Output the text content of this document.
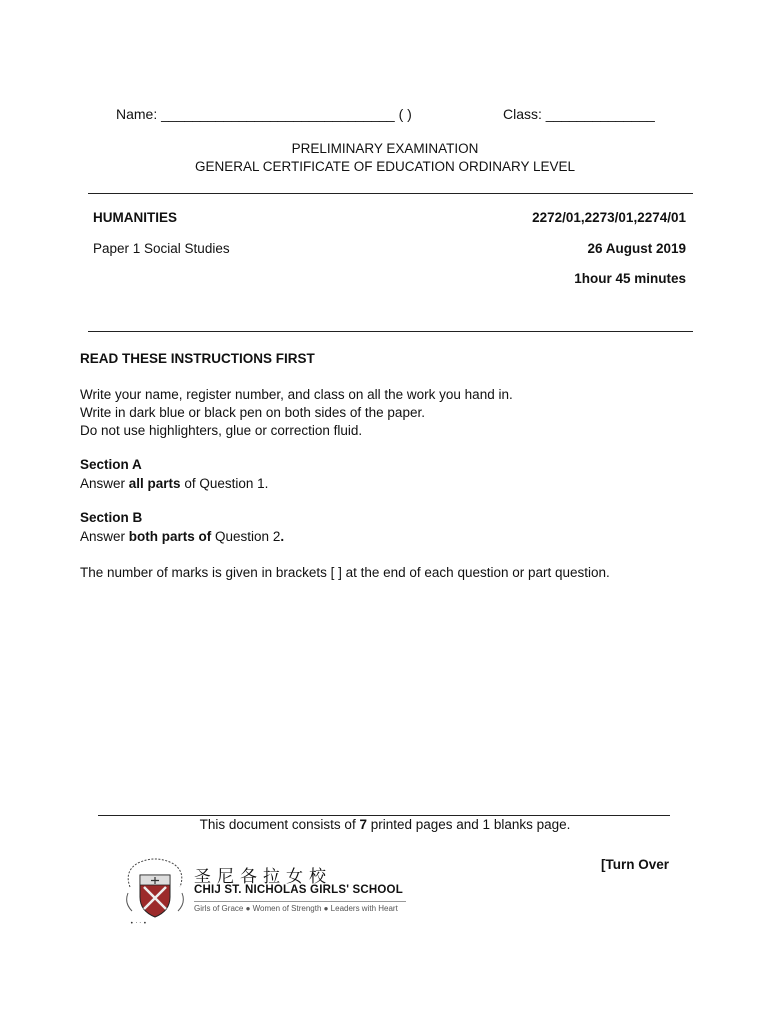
Name: ______________________________ ( )	Class: ______________
PRELIMINARY EXAMINATION
GENERAL CERTIFICATE OF EDUCATION ORDINARY LEVEL
HUMANITIES	2272/01,2273/01,2274/01
Paper 1 Social Studies	26 August 2019
1hour 45 minutes
READ THESE INSTRUCTIONS FIRST
Write your name, register number, and class on all the work you hand in.
Write in dark blue or black pen on both sides of the paper.
Do not use highlighters, glue or correction fluid.
Section A
Answer all parts of Question 1.
Section B
Answer both parts of Question 2.
The number of marks is given in brackets [ ] at the end of each question or part question.
This document consists of 7 printed pages and 1 blanks page.
[Turn Over
• · · •
圣尼各拉女校
CHIJ ST. NICHOLAS GIRLS' SCHOOL
Girls of Grace ● Women of Strength ● Leaders with Heart
